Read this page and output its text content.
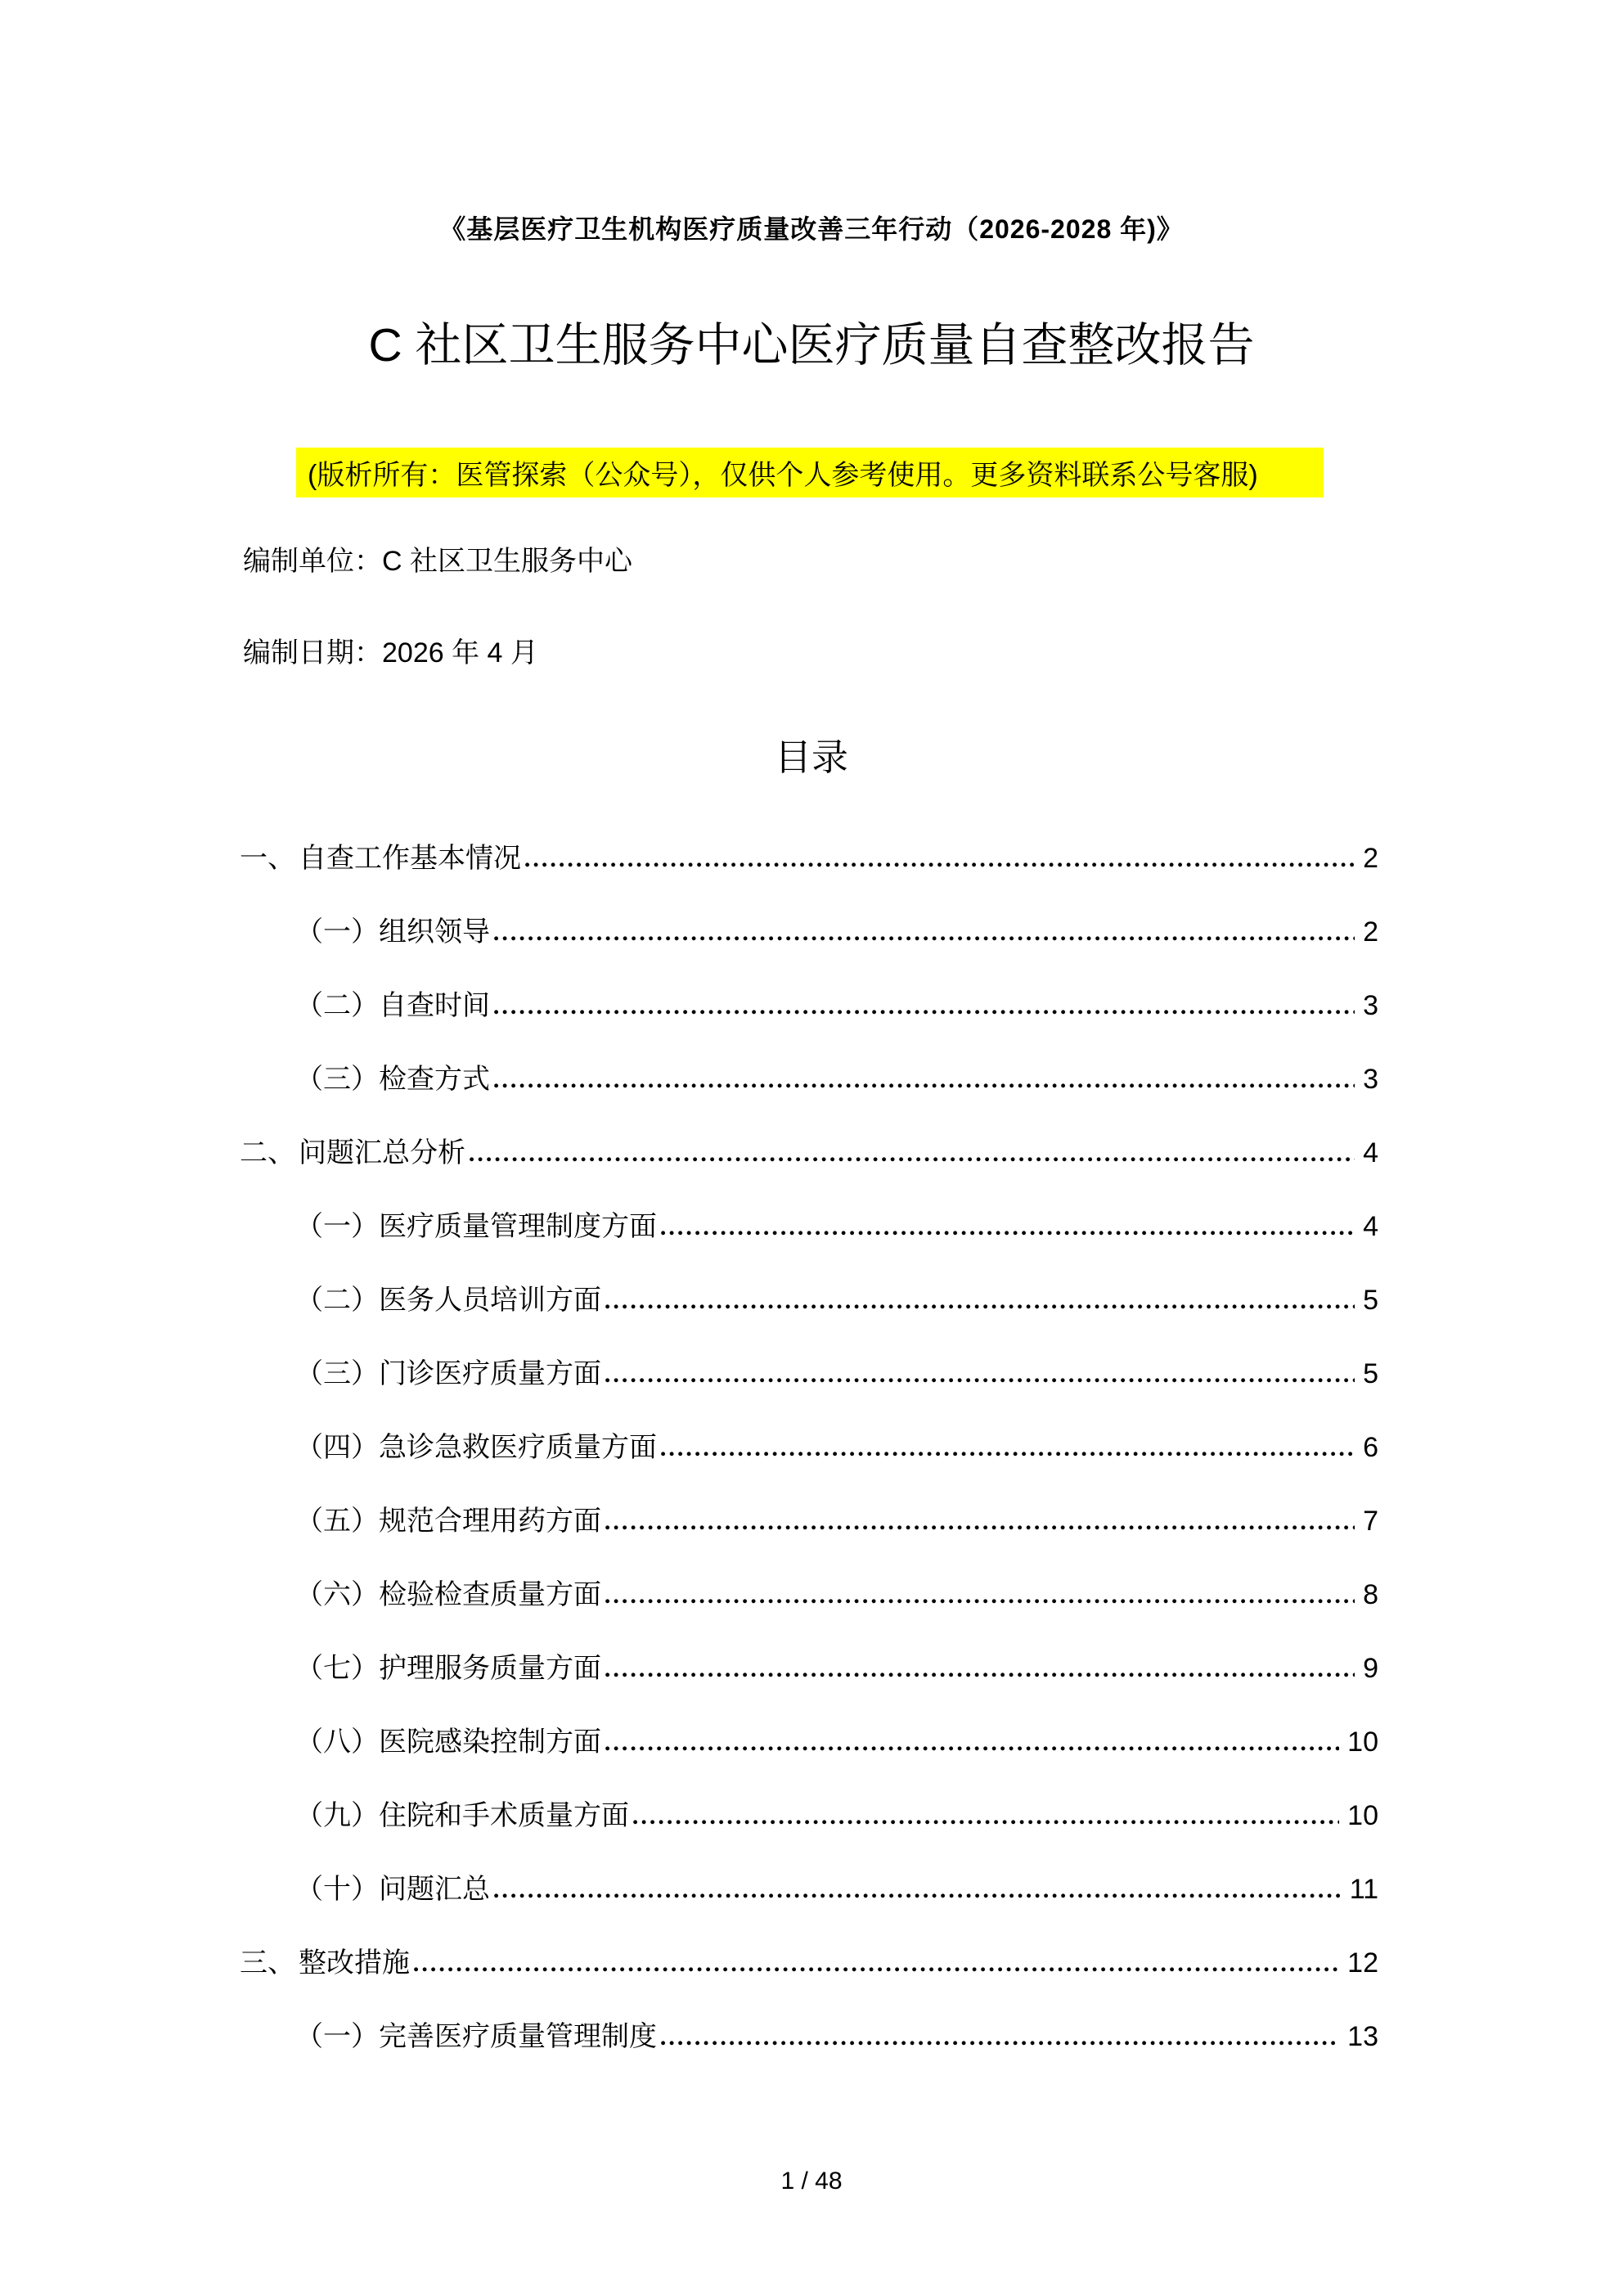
《基层医疗卫生机构医疗质量改善三年行动（2026-2028 年)》
C 社区卫生服务中心医疗质量自查整改报告
(版析所有：医管探索（公众号），仅供个人参考使用。更多资料联系公号客服)
编制单位：C 社区卫生服务中心
编制日期：2026 年 4 月
目录
一、 自查工作基本情况	2
（一） 组织领导	2
（二） 自查时间	3
（三） 检查方式	3
二、 问题汇总分析	4
（一） 医疗质量管理制度方面	4
（二） 医务人员培训方面	5
（三） 门诊医疗质量方面	5
（四） 急诊急救医疗质量方面	6
（五） 规范合理用药方面	7
（六） 检验检查质量方面	8
（七） 护理服务质量方面	9
（八） 医院感染控制方面	10
（九） 住院和手术质量方面	10
（十） 问题汇总	11
三、 整改措施	12
（一） 完善医疗质量管理制度	13
1 / 48
